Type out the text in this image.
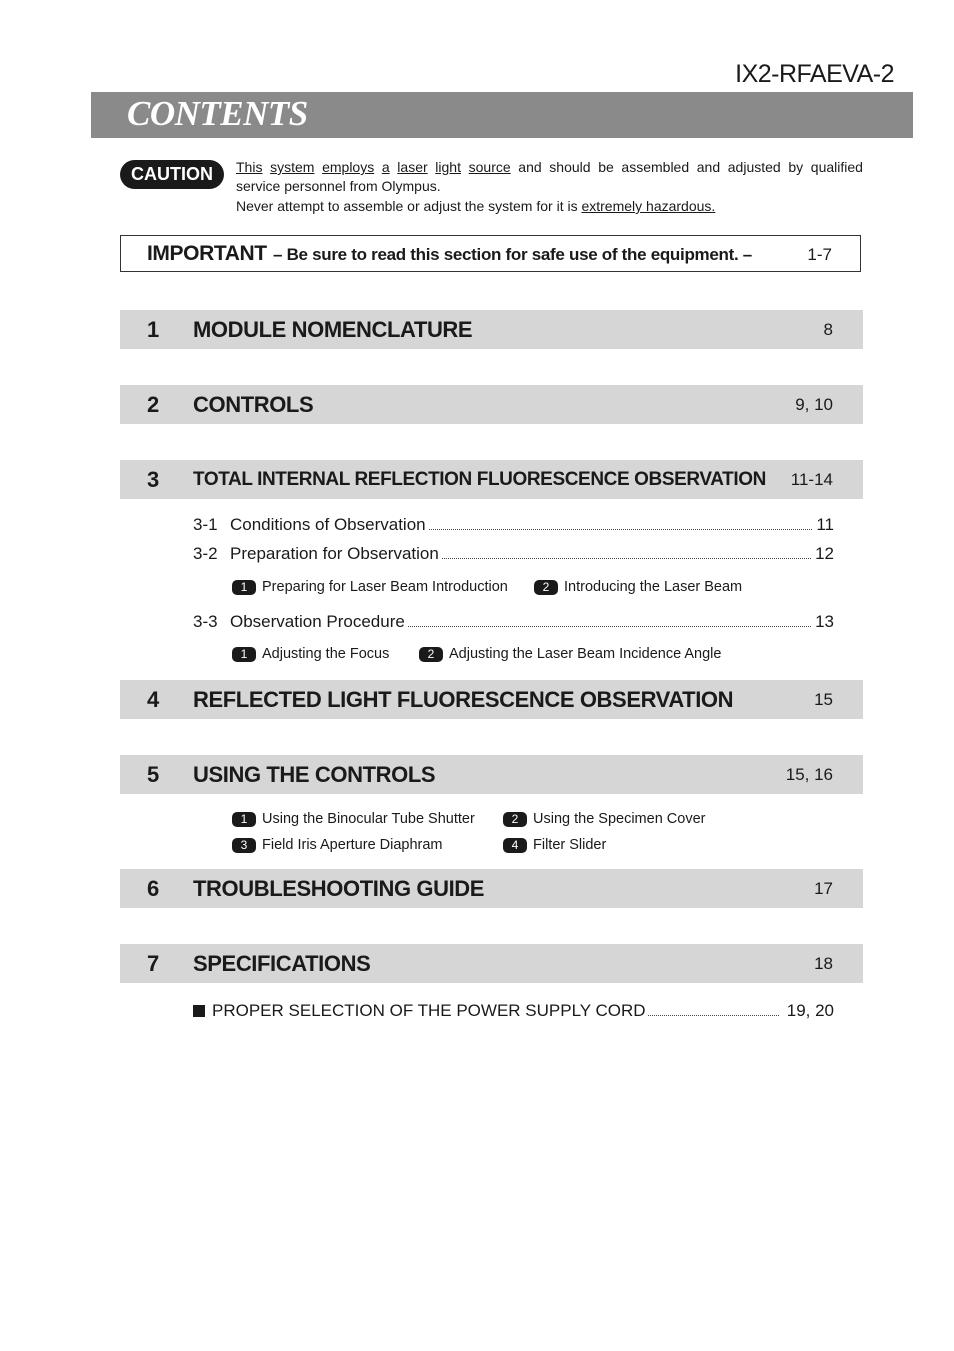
IX2-RFAEVA-2
CONTENTS
CAUTION	This system employs a laser light source and should be assembled and adjusted by qualified
service personnel from Olympus.
Never attempt to assemble or adjust the system for it is extremely hazardous.
IMPORTANT – Be sure to read this section for safe use of the equipment. –	1-7
1 MODULE NOMENCLATURE	8
2 CONTROLS	9, 10
3 TOTAL INTERNAL REFLECTION FLUORESCENCE OBSERVATION 11-14
3-1 Conditions of Observation	11
3-2 Preparation for Observation	12
1	Preparing for Laser Beam Introduction	2	Introducing the Laser Beam
3-3 Observation Procedure	13
1	Adjusting the Focus	2	Adjusting the Laser Beam Incidence Angle
4 REFLECTED LIGHT FLUORESCENCE OBSERVATION	15
5 USING THE CONTROLS	15, 16
1	Using the Binocular Tube Shutter	2	Using the Specimen Cover
3	Field Iris Aperture Diaphram	4	Filter Slider
6 TROUBLESHOOTING GUIDE	17
7 SPECIFICATIONS	18
PROPER SELECTION OF THE POWER SUPPLY CORD	19, 20
